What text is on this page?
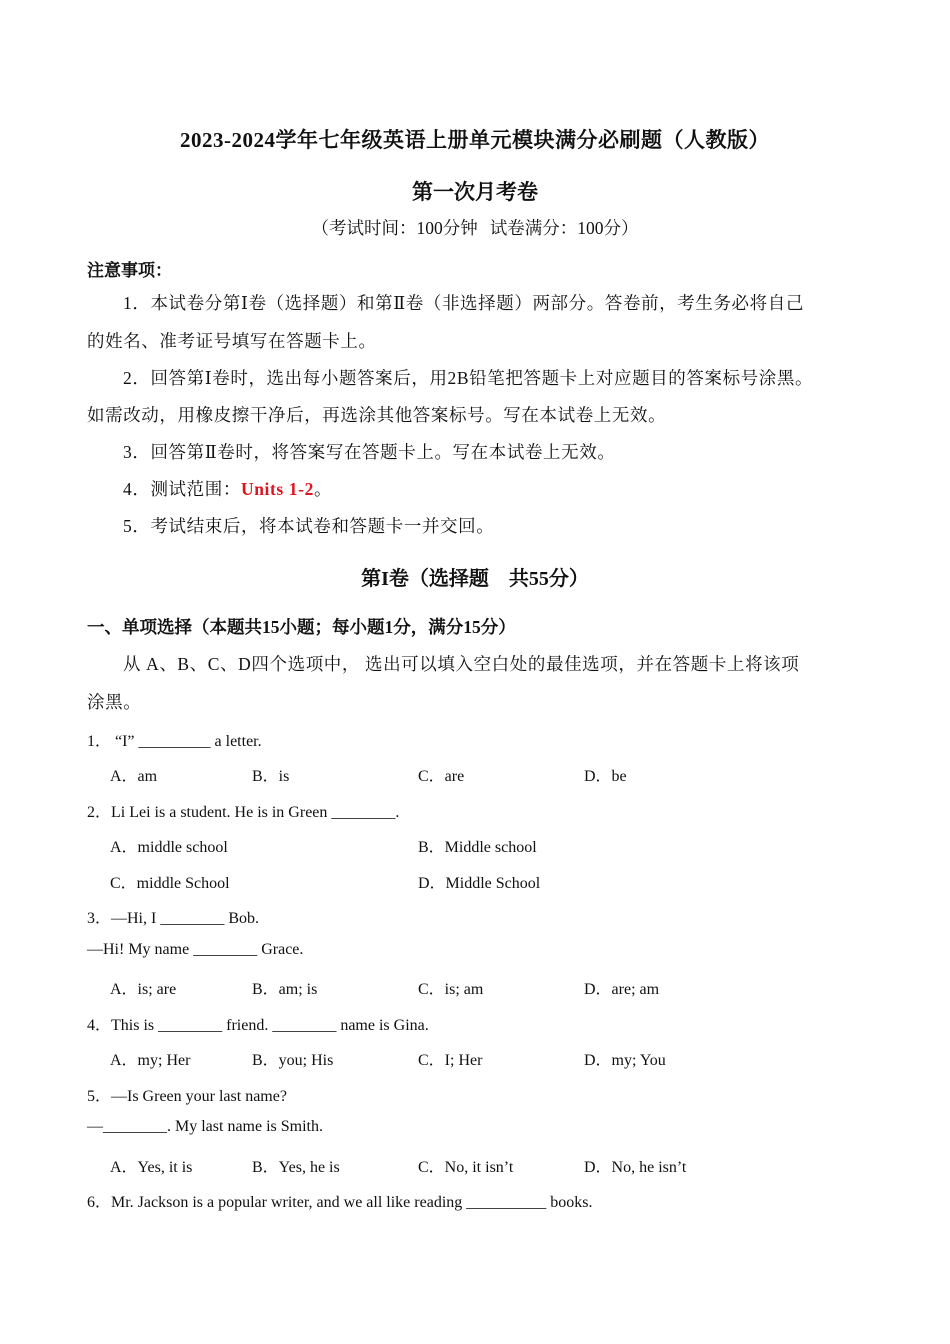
2023-2024学年七年级英语上册单元模块满分必刷题（人教版）
第一次月考卷
（考试时间：100分钟 试卷满分：100分）
注意事项：
1．本试卷分第Ⅰ卷（选择题）和第Ⅱ卷（非选择题）两部分。答卷前，考生务必将自己
的姓名、准考证号填写在答题卡上。
2．回答第Ⅰ卷时，选出每小题答案后，用2B铅笔把答题卡上对应题目的答案标号涂黑。
如需改动，用橡皮擦干净后，再选涂其他答案标号。写在本试卷上无效。
3．回答第Ⅱ卷时，将答案写在答题卡上。写在本试卷上无效。
4．测试范围：Units 1-2。
5．考试结束后，将本试卷和答题卡一并交回。
第I卷（选择题　共55分）
一、单项选择（本题共15小题；每小题1分，满分15分）
从 A、B、C、D四个选项中， 选出可以填入空白处的最佳选项，并在答题卡上将该项
涂黑。
1． “I” _________ a letter.
A．am	B．is	C．are	D．be
2．Li Lei is a student. He is in Green ________.
A．middle school	B．Middle school
C．middle School	D．Middle School
3．—Hi, I ________ Bob.
—Hi! My name ________ Grace.
A．is; are	B．am; is	C．is; am	D．are; am
4．This is ________ friend. ________ name is Gina.
A．my; Her	B．you; His	C．I; Her	D．my; You
5．—Is Green your last name?
—________. My last name is Smith.
A．Yes, it is	B．Yes, he is	C．No, it isn’t	D．No, he isn’t
6．Mr. Jackson is a popular writer, and we all like reading __________ books.
